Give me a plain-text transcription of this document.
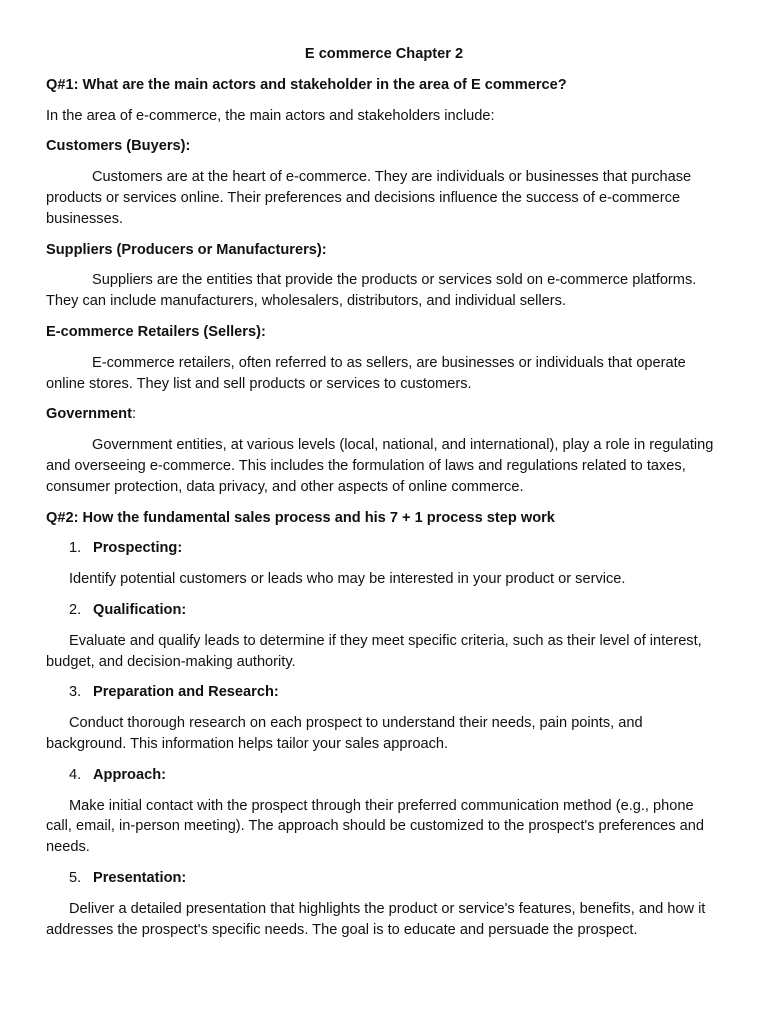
E commerce Chapter 2
Q#1: What are the main actors and stakeholder in the area of E commerce?
In the area of e-commerce, the main actors and stakeholders include:
Customers (Buyers):
Customers are at the heart of e-commerce. They are individuals or businesses that purchase products or services online. Their preferences and decisions influence the success of e-commerce businesses.
Suppliers (Producers or Manufacturers):
Suppliers are the entities that provide the products or services sold on e-commerce platforms. They can include manufacturers, wholesalers, distributors, and individual sellers.
E-commerce Retailers (Sellers):
E-commerce retailers, often referred to as sellers, are businesses or individuals that operate online stores. They list and sell products or services to customers.
Government:
Government entities, at various levels (local, national, and international), play a role in regulating and overseeing e-commerce. This includes the formulation of laws and regulations related to taxes, consumer protection, data privacy, and other aspects of online commerce.
Q#2: How the fundamental sales process and his 7 + 1 process step work
1. Prospecting:
Identify potential customers or leads who may be interested in your product or service.
2. Qualification:
Evaluate and qualify leads to determine if they meet specific criteria, such as their level of interest, budget, and decision-making authority.
3. Preparation and Research:
Conduct thorough research on each prospect to understand their needs, pain points, and background. This information helps tailor your sales approach.
4. Approach:
Make initial contact with the prospect through their preferred communication method (e.g., phone call, email, in-person meeting). The approach should be customized to the prospect's preferences and needs.
5. Presentation:
Deliver a detailed presentation that highlights the product or service's features, benefits, and how it addresses the prospect's specific needs. The goal is to educate and persuade the prospect.
